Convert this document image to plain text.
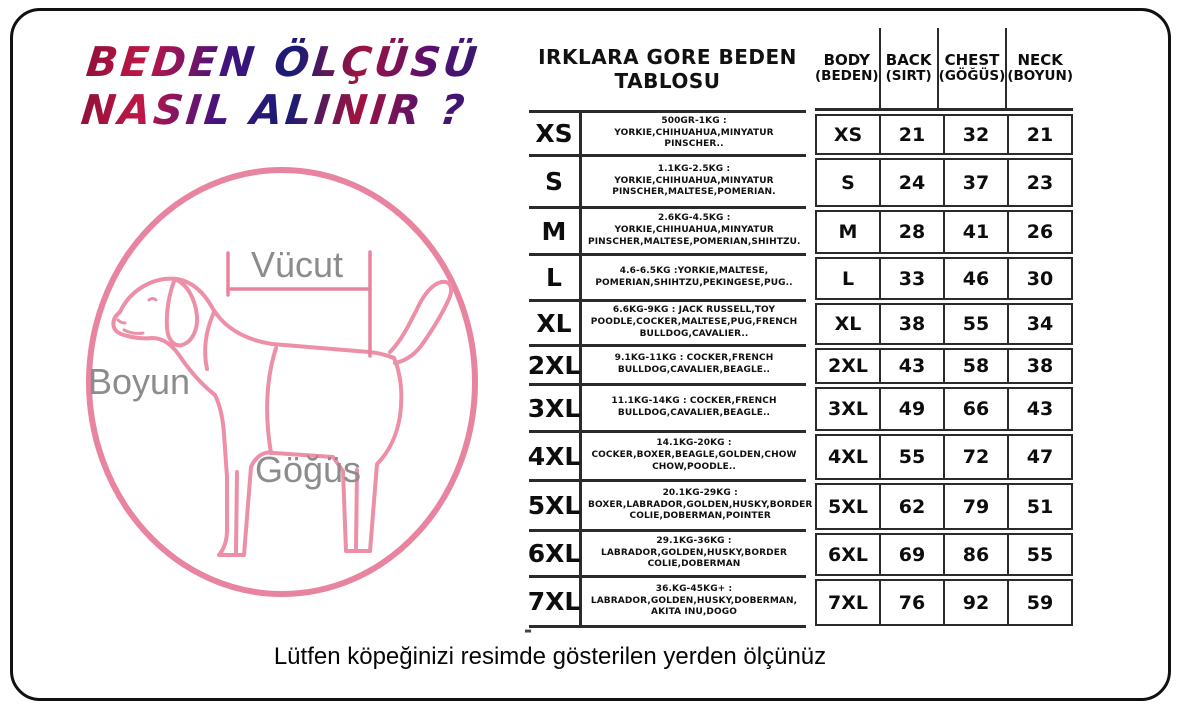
BEDEN ÖLÇÜSÜ
NASIL ALINIR ?
Vücut
Boyun
Göğüs
IRKLARA GORE BEDEN TABLOSU
XS	500GR-1KG : YORKIE,CHIHUAHUA,MINYATUR PINSCHER..
S	1.1KG-2.5KG : YORKIE,CHIHUAHUA,MINYATUR PINSCHER,MALTESE,POMERIAN.
M	2.6KG-4.5KG : YORKIE,CHIHUAHUA,MINYATUR PINSCHER,MALTESE,POMERIAN,SHIHTZU.
L	4.6-6.5KG :YORKIE,MALTESE, POMERIAN,SHIHTZU,PEKINGESE,PUG..
XL	6.6KG-9KG : JACK RUSSELL,TOY POODLE,COCKER,MALTESE,PUG,FRENCH BULLDOG,CAVALIER..
2XL	9.1KG-11KG : COCKER,FRENCH BULLDOG,CAVALIER,BEAGLE..
3XL	11.1KG-14KG : COCKER,FRENCH BULLDOG,CAVALIER,BEAGLE..
4XL	14.1KG-20KG : COCKER,BOXER,BEAGLE,GOLDEN,CHOW CHOW,POODLE..
5XL	20.1KG-29KG : BOXER,LABRADOR,GOLDEN,HUSKY,BORDER COLIE,DOBERMAN,POINTER
6XL	29.1KG-36KG : LABRADOR,GOLDEN,HUSKY,BORDER COLIE,DOBERMAN
7XL	36.KG-45KG+ : LABRADOR,GOLDEN,HUSKY,DOBERMAN, AKITA INU,DOGO
BODY
(BEDEN)
BACK
(SIRT)
CHEST
(GÖĞÜS)
NECK
(BOYUN)
XS	21	32	21
S	24	37	23
M	28	41	26
L	33	46	30
XL	38	55	34
2XL	43	58	38
3XL	49	66	43
4XL	55	72	47
5XL	62	79	51
6XL	69	86	55
7XL	76	92	59
-
Lütfen köpeğinizi resimde gösterilen yerden ölçünüz
